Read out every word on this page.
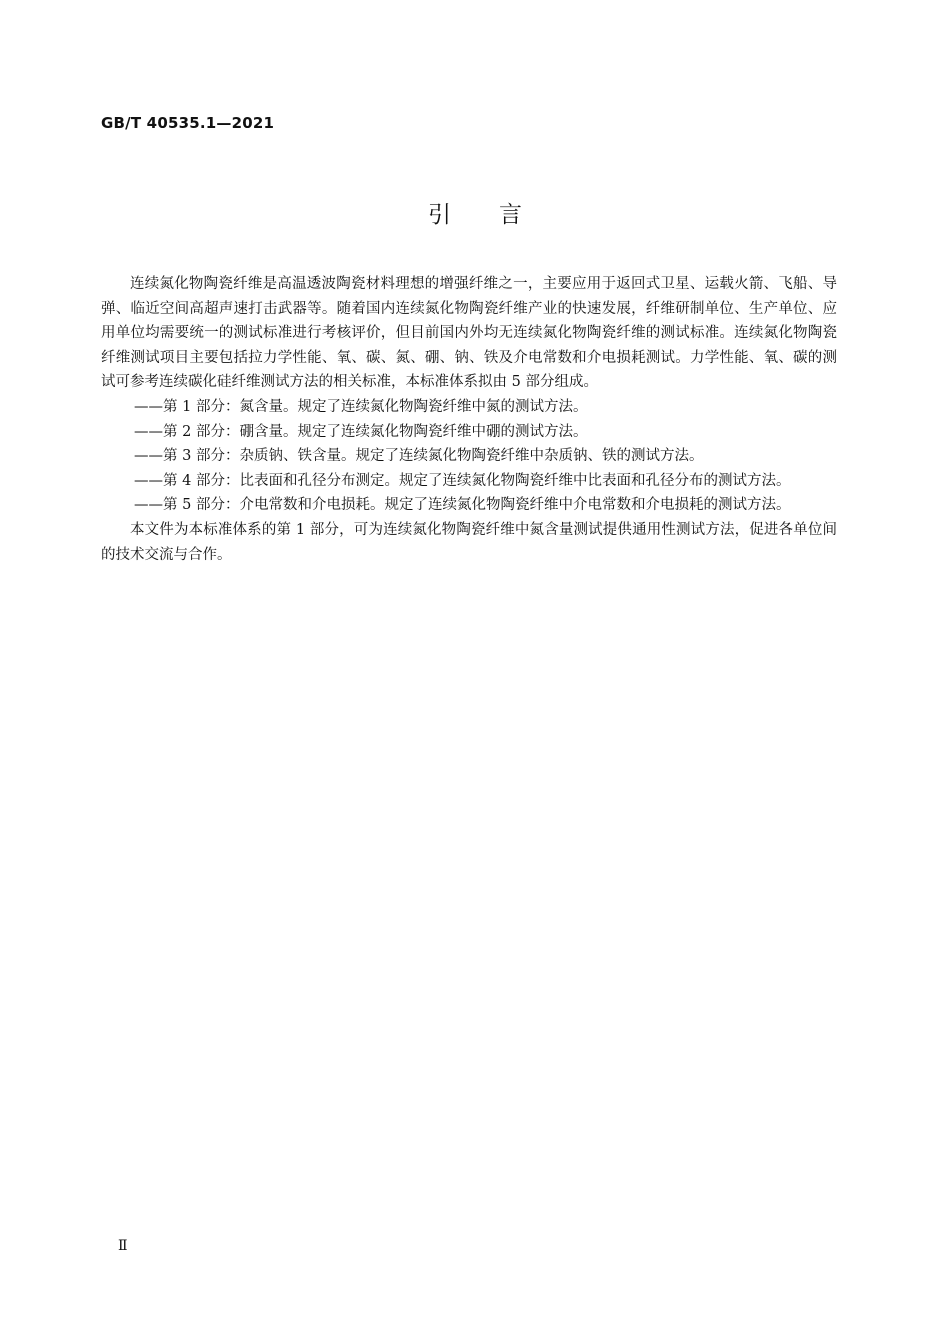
GB/T 40535.1—2021
引言

连续氮化物陶瓷纤维是高温透波陶瓷材料理想的增强纤维之一，主要应用于返回式卫星、运载火箭、飞船、导弹、临近空间高超声速打击武器等。随着国内连续氮化物陶瓷纤维产业的快速发展，纤维研制单位、生产单位、应用单位均需要统一的测试标准进行考核评价，但目前国内外均无连续氮化物陶瓷纤维的测试标准。连续氮化物陶瓷纤维测试项目主要包括拉力学性能、氧、碳、氮、硼、钠、铁及介电常数和介电损耗测试。力学性能、氧、碳的测试可参考连续碳化硅纤维测试方法的相关标准，本标准体系拟由 5 部分组成。

——第 1 部分：氮含量。规定了连续氮化物陶瓷纤维中氮的测试方法。
——第 2 部分：硼含量。规定了连续氮化物陶瓷纤维中硼的测试方法。
——第 3 部分：杂质钠、铁含量。规定了连续氮化物陶瓷纤维中杂质钠、铁的测试方法。
——第 4 部分：比表面和孔径分布测定。规定了连续氮化物陶瓷纤维中比表面和孔径分布的测试方法。
——第 5 部分：介电常数和介电损耗。规定了连续氮化物陶瓷纤维中介电常数和介电损耗的测试方法。

本文件为本标准体系的第 1 部分，可为连续氮化物陶瓷纤维中氮含量测试提供通用性测试方法，促进各单位间的技术交流与合作。

Ⅱ
